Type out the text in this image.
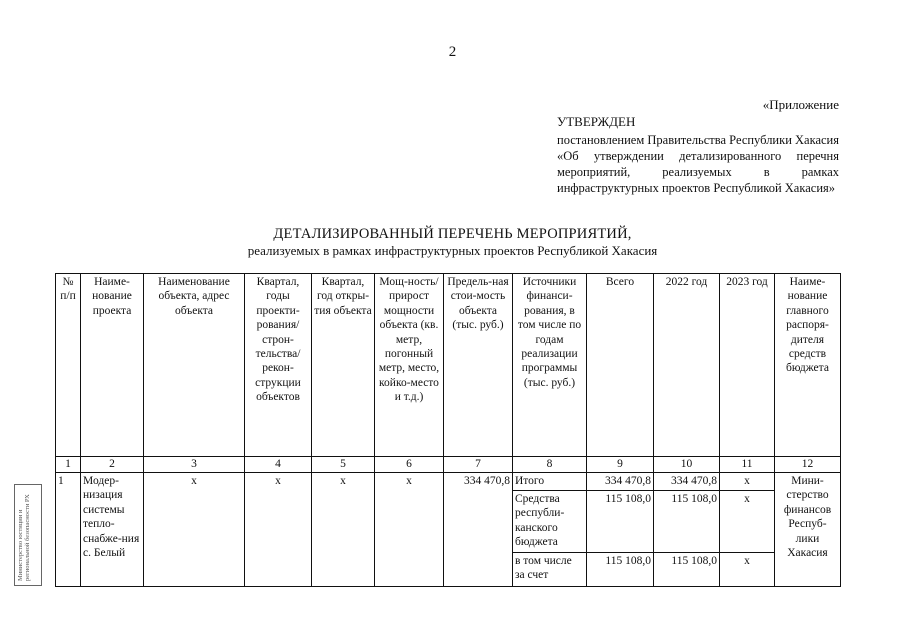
2
«Приложение
УТВЕРЖДЕН
постановлением Правительства Республики Хакасия «Об утверждении детализированного перечня мероприятий, реализуемых в рамках инфраструктурных проектов Республикой Хакасия»
ДЕТАЛИЗИРОВАННЫЙ ПЕРЕЧЕНЬ МЕРОПРИЯТИЙ,
реализуемых в рамках инфраструктурных проектов Республикой Хакасия
№ п/п	Наиме-нование проекта	Наименование объекта, адрес объекта	Квартал, годы проекти-рования/ строн-тельства/ рекон-струкции объектов	Квартал, год откры-тия объекта	Мощ-ность/ прирост мощности объекта (кв. метр, погонный метр, место, койко-место и т.д.)	Предель-ная стои-мость объекта (тыс. руб.)	Источники финанси-рования, в том числе по годам реализации программы (тыс. руб.)	Всего	2022 год	2023 год	Наиме-нование главного распоря-дителя средств бюджета
1	2	3	4	5	6	7	8	9	10	11	12
1	Модер-низация системы тепло-снабже-ния с. Белый	х	х	х	х	334 470,8	Итого	334 470,8	334 470,8	х	Мини-стерство финансов Респуб-лики Хакасия
							Средства республи-канского бюджета	115 108,0	115 108,0	х	
							в том числе за счет	115 108,0	115 108,0	х	
Министерство юстиции и региональной безопасности РХ
